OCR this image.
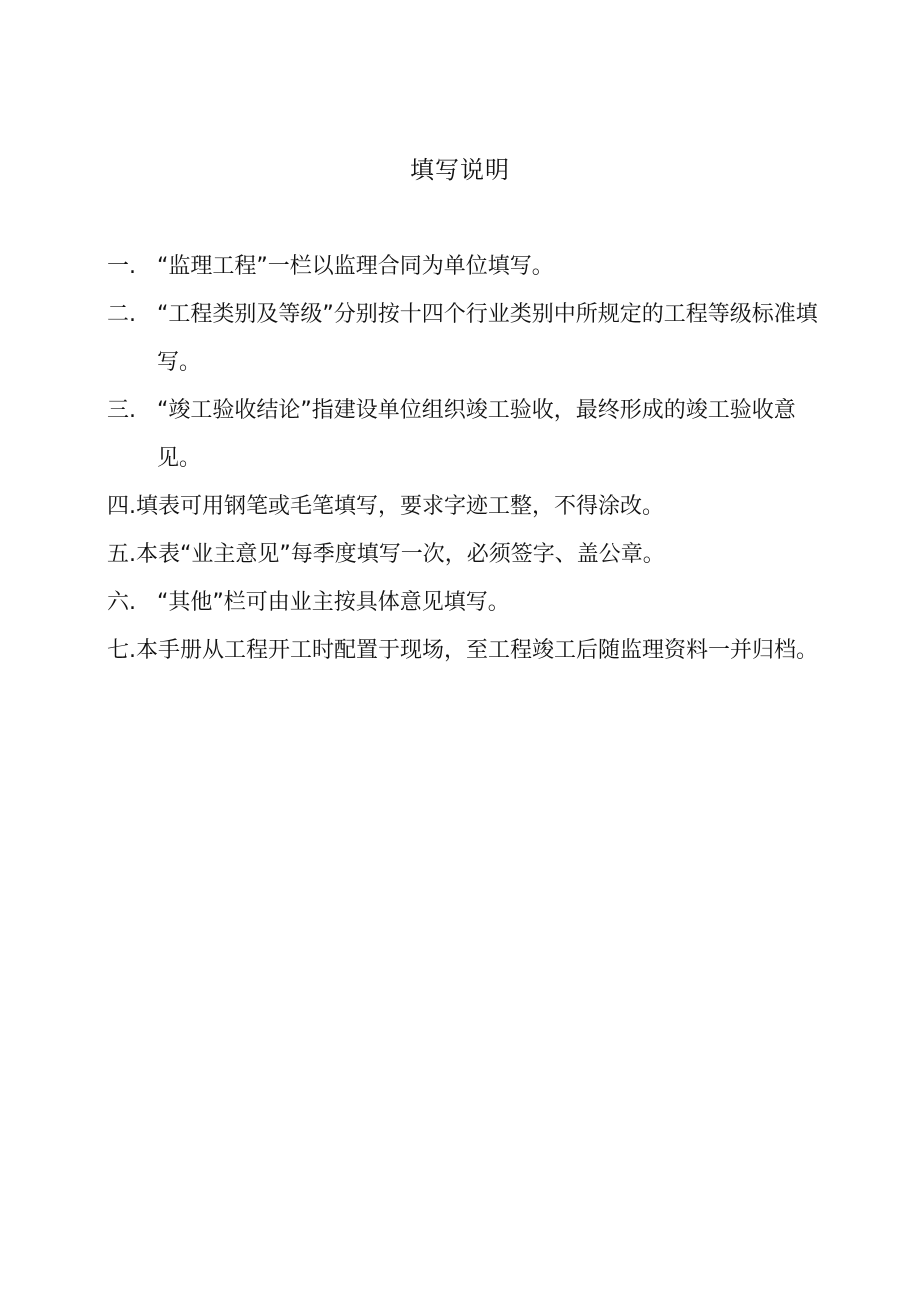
填写说明
一. “监理工程”一栏以监理合同为单位填写。
二. “工程类别及等级”分别按十四个行业类别中所规定的工程等级标准填写。
三. “竣工验收结论”指建设单位组织竣工验收，最终形成的竣工验收意见。
四.填表可用钢笔或毛笔填写，要求字迹工整，不得涂改。
五.本表“业主意见”每季度填写一次，必须签字、盖公章。
六. “其他”栏可由业主按具体意见填写。
七.本手册从工程开工时配置于现场，至工程竣工后随监理资料一并归档。
